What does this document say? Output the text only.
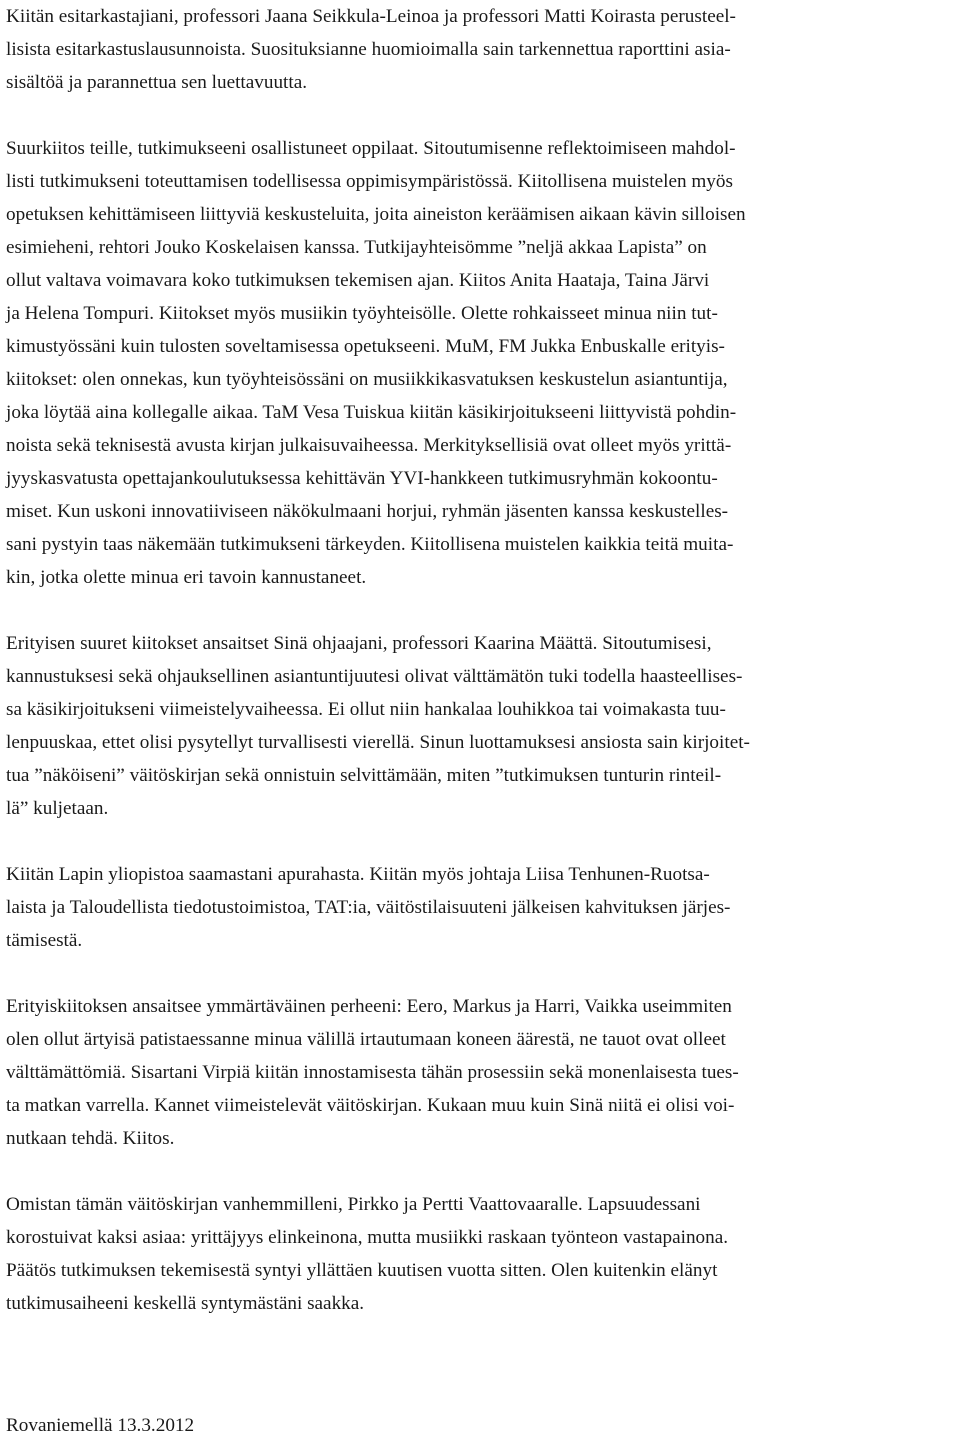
Kiitän esitarkastajiani, professori Jaana Seikkula-Leinoa ja professori Matti Koirasta perusteel-
lisista esitarkastuslausunnoista. Suosituksianne huomioimalla sain tarkennettua raporttini asia-
sisältöä ja parannettua sen luettavuutta.

Suurkiitos teille, tutkimukseeni osallistuneet oppilaat. Sitoutumisenne reflektoimiseen mahdol-
listi tutkimukseni toteuttamisen todellisessa oppimisympäristössä. Kiitollisena muistelen myös
opetuksen kehittämiseen liittyviä keskusteluita, joita aineiston keräämisen aikaan kävin silloisen
esimieheni, rehtori Jouko Koskelaisen kanssa. Tutkijayhteisömme ”neljä akkaa Lapista” on
ollut valtava voimavara koko tutkimuksen tekemisen ajan. Kiitos Anita Haataja, Taina Järvi
ja Helena Tompuri. Kiitokset myös musiikin työyhteisölle. Olette rohkaisseet minua niin tut-
kimustyössäni kuin tulosten soveltamisessa opetukseeni. MuM, FM Jukka Enbuskalle erityis-
kiitokset: olen onnekas, kun työyhteisössäni on musiikkikasvatuksen keskustelun asiantuntija,
joka löytää aina kollegalle aikaa. TaM Vesa Tuiskua kiitän käsikirjoitukseeni liittyvistä pohdin-
noista sekä teknisestä avusta kirjan julkaisuvaiheessa. Merkityksellisiä ovat olleet myös yrittä-
jyyskasvatusta opettajankoulutuksessa kehittävän YVI-hankkeen tutkimusryhmän kokoontu-
miset. Kun uskoni innovatiiviseen näkökulmaani horjui, ryhmän jäsenten kanssa keskustelles-
sani pystyin taas näkemään tutkimukseni tärkeyden. Kiitollisena muistelen kaikkia teitä muita-
kin, jotka olette minua eri tavoin kannustaneet.

Erityisen suuret kiitokset ansaitset Sinä ohjaajani, professori Kaarina Määttä. Sitoutumisesi,
kannustuksesi sekä ohjauksellinen asiantuntijuutesi olivat välttämätön tuki todella haasteellises-
sa käsikirjoitukseni viimeistelyvaiheessa. Ei ollut niin hankalaa louhikkoa tai voimakasta tuu-
lenpuuskaa, ettet olisi pysytellyt turvallisesti vierellä. Sinun luottamuksesi ansiosta sain kirjoitet-
tua ”näköiseni” väitöskirjan sekä onnistuin selvittämään, miten ”tutkimuksen tunturin rinteil-
lä” kuljetaan.

Kiitän Lapin yliopistoa saamastani apurahasta. Kiitän myös johtaja Liisa Tenhunen-Ruotsa-
laista ja Taloudellista tiedotustoimistoa, TAT:ia, väitöstilaisuuteni jälkeisen kahvituksen järjes-
tämisestä.

Erityiskiitoksen ansaitsee ymmärtäväinen perheeni: Eero, Markus ja Harri, Vaikka useimmiten
olen ollut ärtyisä patistaessanne minua välillä irtautumaan koneen äärestä, ne tauot ovat olleet
välttämättömiä. Sisartani Virpiä kiitän innostamisesta tähän prosessiin sekä monenlaisesta tues-
ta matkan varrella. Kannet viimeistelevät väitöskirjan. Kukaan muu kuin Sinä niitä ei olisi voi-
nutkaan tehdä. Kiitos.

Omistan tämän väitöskirjan vanhemmilleni, Pirkko ja Pertti Vaattovaaralle. Lapsuudessani
korostuivat kaksi asiaa: yrittäjyys elinkeinona, mutta musiikki raskaan työnteon vastapainona.
Päätös tutkimuksen tekemisestä syntyi yllättäen kuutisen vuotta sitten. Olen kuitenkin elänyt
tutkimusaiheeni keskellä syntymästäni saakka.

Rovaniemellä 13.3.2012
